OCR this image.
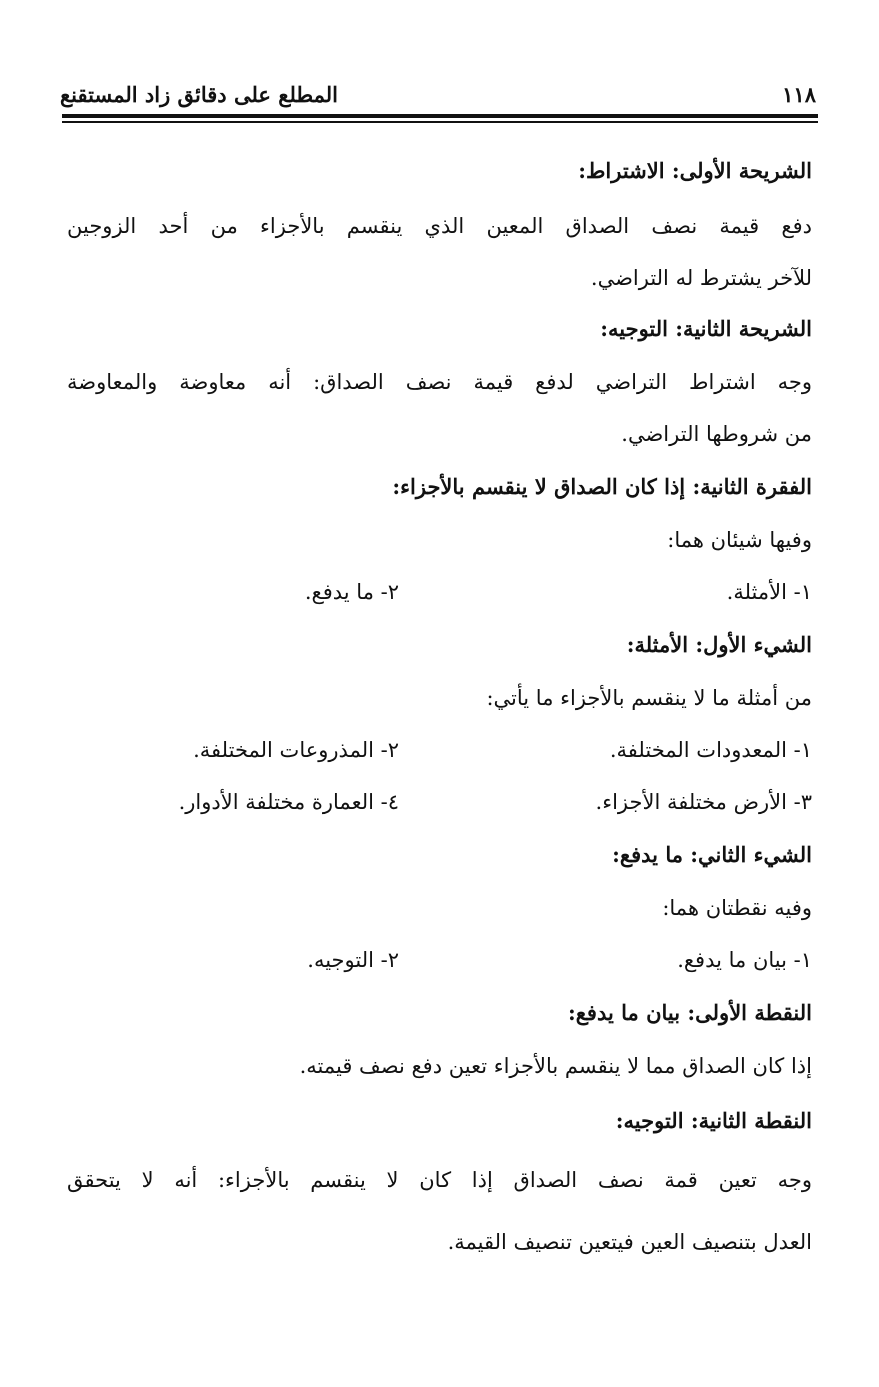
١١٨
المطلع على دقائق زاد المستقنع
الشريحة الأولى: الاشتراط:
دفع قيمة نصف الصداق المعين الذي ينقسم بالأجزاء من أحد الزوجين
للآخر يشترط له التراضي.
الشريحة الثانية: التوجيه:
وجه اشتراط التراضي لدفع قيمة نصف الصداق: أنه معاوضة والمعاوضة
من شروطها التراضي.
الفقرة الثانية: إذا كان الصداق لا ينقسم بالأجزاء:
وفيها شيئان هما:
١- الأمثلة.
٢- ما يدفع.
الشيء الأول: الأمثلة:
من أمثلة ما لا ينقسم بالأجزاء ما يأتي:
١- المعدودات المختلفة.
٢- المذروعات المختلفة.
٣- الأرض مختلفة الأجزاء.
٤- العمارة مختلفة الأدوار.
الشيء الثاني: ما يدفع:
وفيه نقطتان هما:
١- بيان ما يدفع.
٢- التوجيه.
النقطة الأولى: بيان ما يدفع:
إذا كان الصداق مما لا ينقسم بالأجزاء تعين دفع نصف قيمته.
النقطة الثانية: التوجيه:
وجه تعين قمة نصف الصداق إذا كان لا ينقسم بالأجزاء: أنه لا يتحقق
العدل بتنصيف العين فيتعين تنصيف القيمة.
